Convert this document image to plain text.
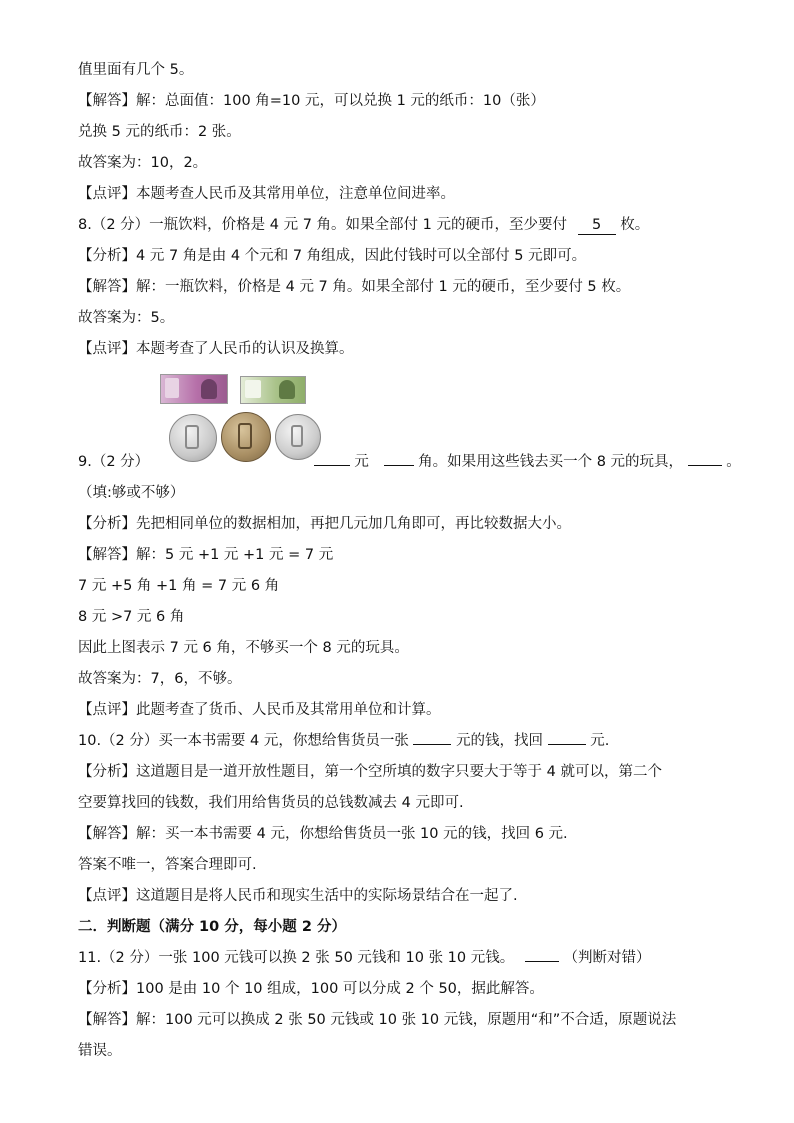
值里面有几个 5。
【解答】解：总面值：100 角=10 元，可以兑换 1 元的纸币：10（张）
兑换 5 元的纸币：2 张。
故答案为：10，2。
【点评】本题考查人民币及其常用单位，注意单位间进率。
8.（2 分）一瓶饮料，价格是 4 元 7 角。如果全部付 1 元的硬币，至少要付 5 枚。
【分析】4 元 7 角是由 4 个元和 7 角组成，因此付钱时可以全部付 5 元即可。
【解答】解：一瓶饮料，价格是 4 元 7 角。如果全部付 1 元的硬币，至少要付 5 枚。
故答案为：5。
【点评】本题考查了人民币的认识及换算。
9.（2 分）	元	角。如果用这些钱去买一个 8 元的玩具，	。
（填:够或不够）
【分析】先把相同单位的数据相加，再把几元加几角即可，再比较数据大小。
【解答】解：5 元 +1 元 +1 元 = 7 元
7 元 +5 角 +1 角 = 7 元 6 角
8 元 >7 元 6 角
因此上图表示 7 元 6 角，不够买一个 8 元的玩具。
故答案为：7，6，不够。
【点评】此题考查了货币、人民币及其常用单位和计算。
10.（2 分）买一本书需要 4 元，你想给售货员一张	元的钱，找回	元.
【分析】这道题目是一道开放性题目，第一个空所填的数字只要大于等于 4 就可以，第二个
空要算找回的钱数，我们用给售货员的总钱数减去 4 元即可.
【解答】解：买一本书需要 4 元，你想给售货员一张 10 元的钱，找回 6 元.
答案不唯一，答案合理即可.
【点评】这道题目是将人民币和现实生活中的实际场景结合在一起了.
二．判断题（满分 10 分，每小题 2 分）
11.（2 分）一张 100 元钱可以换 2 张 50 元钱和 10 张 10 元钱。	（判断对错）
【分析】100 是由 10 个 10 组成，100 可以分成 2 个 50，据此解答。
【解答】解：100 元可以换成 2 张 50 元钱或 10 张 10 元钱，原题用“和”不合适，原题说法
错误。
